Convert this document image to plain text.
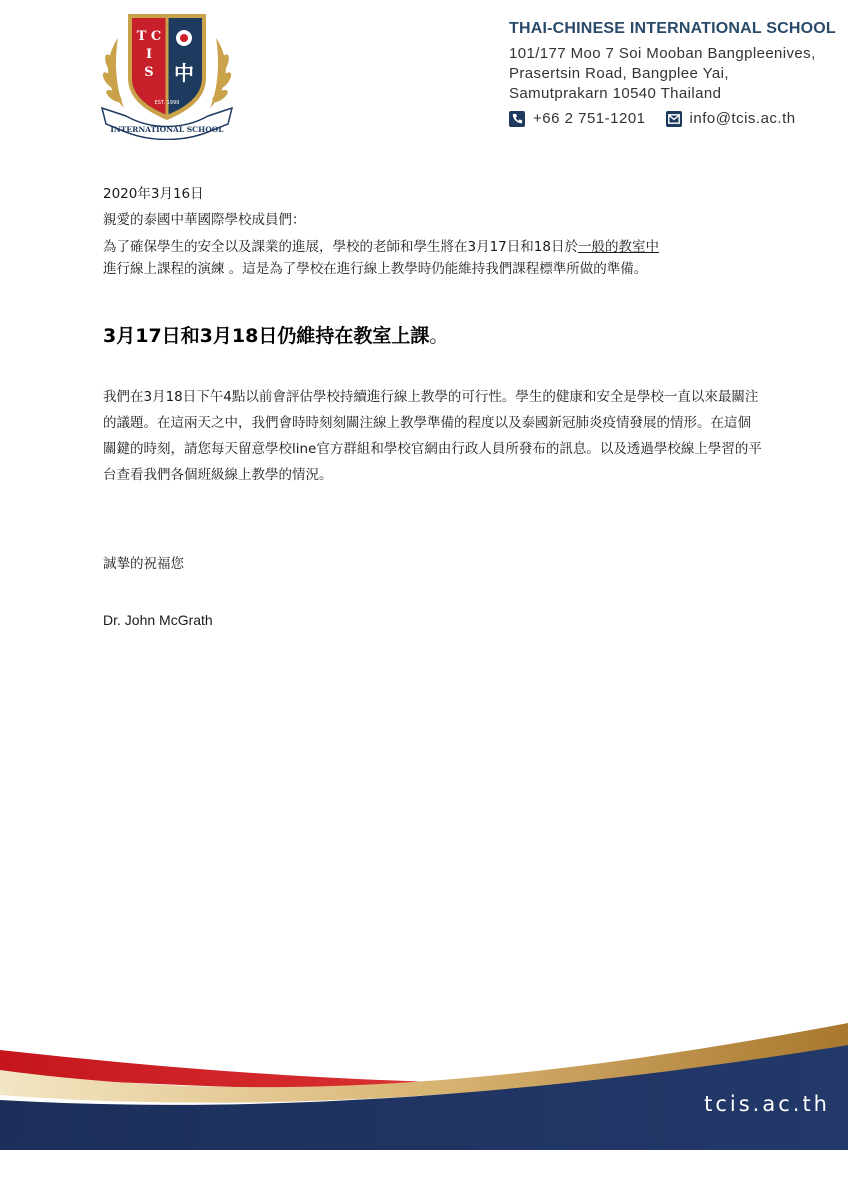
T C
I
S 中
EST. 1999
INTERNATIONAL SCHOOL
THAI-CHINESE INTERNATIONAL SCHOOL
101/177 Moo 7 Soi Mooban Bangpleenives,
Prasertsin Road, Bangplee Yai,
Samutprakarn 10540 Thailand
+66 2 751-1201	info@tcis.ac.th
2020年3月16日
親愛的泰國中華國際學校成員們：
為了確保學生的安全以及課業的進展，學校的老師和學生將在3月17日和18日於一般的教室中
進行線上課程的演練 。這是為了學校在進行線上教學時仍能維持我們課程標準所做的準備。
3月17日和3月18日仍維持在教室上課。
我們在3月18日下午4點以前會評估學校持續進行線上教學的可行性。學生的健康和安全是學校一直以來最關注的議題。在這兩天之中，我們會時時刻刻關注線上教學準備的程度以及泰國新冠肺炎疫情發展的情形。在這個關鍵的時刻，請您每天留意學校line官方群組和學校官網由行政人員所發布的訊息。以及透過學校線上學習的平台查看我們各個班級線上教學的情況。
誠摯的祝福您
Dr. John McGrath
tcis.ac.th
